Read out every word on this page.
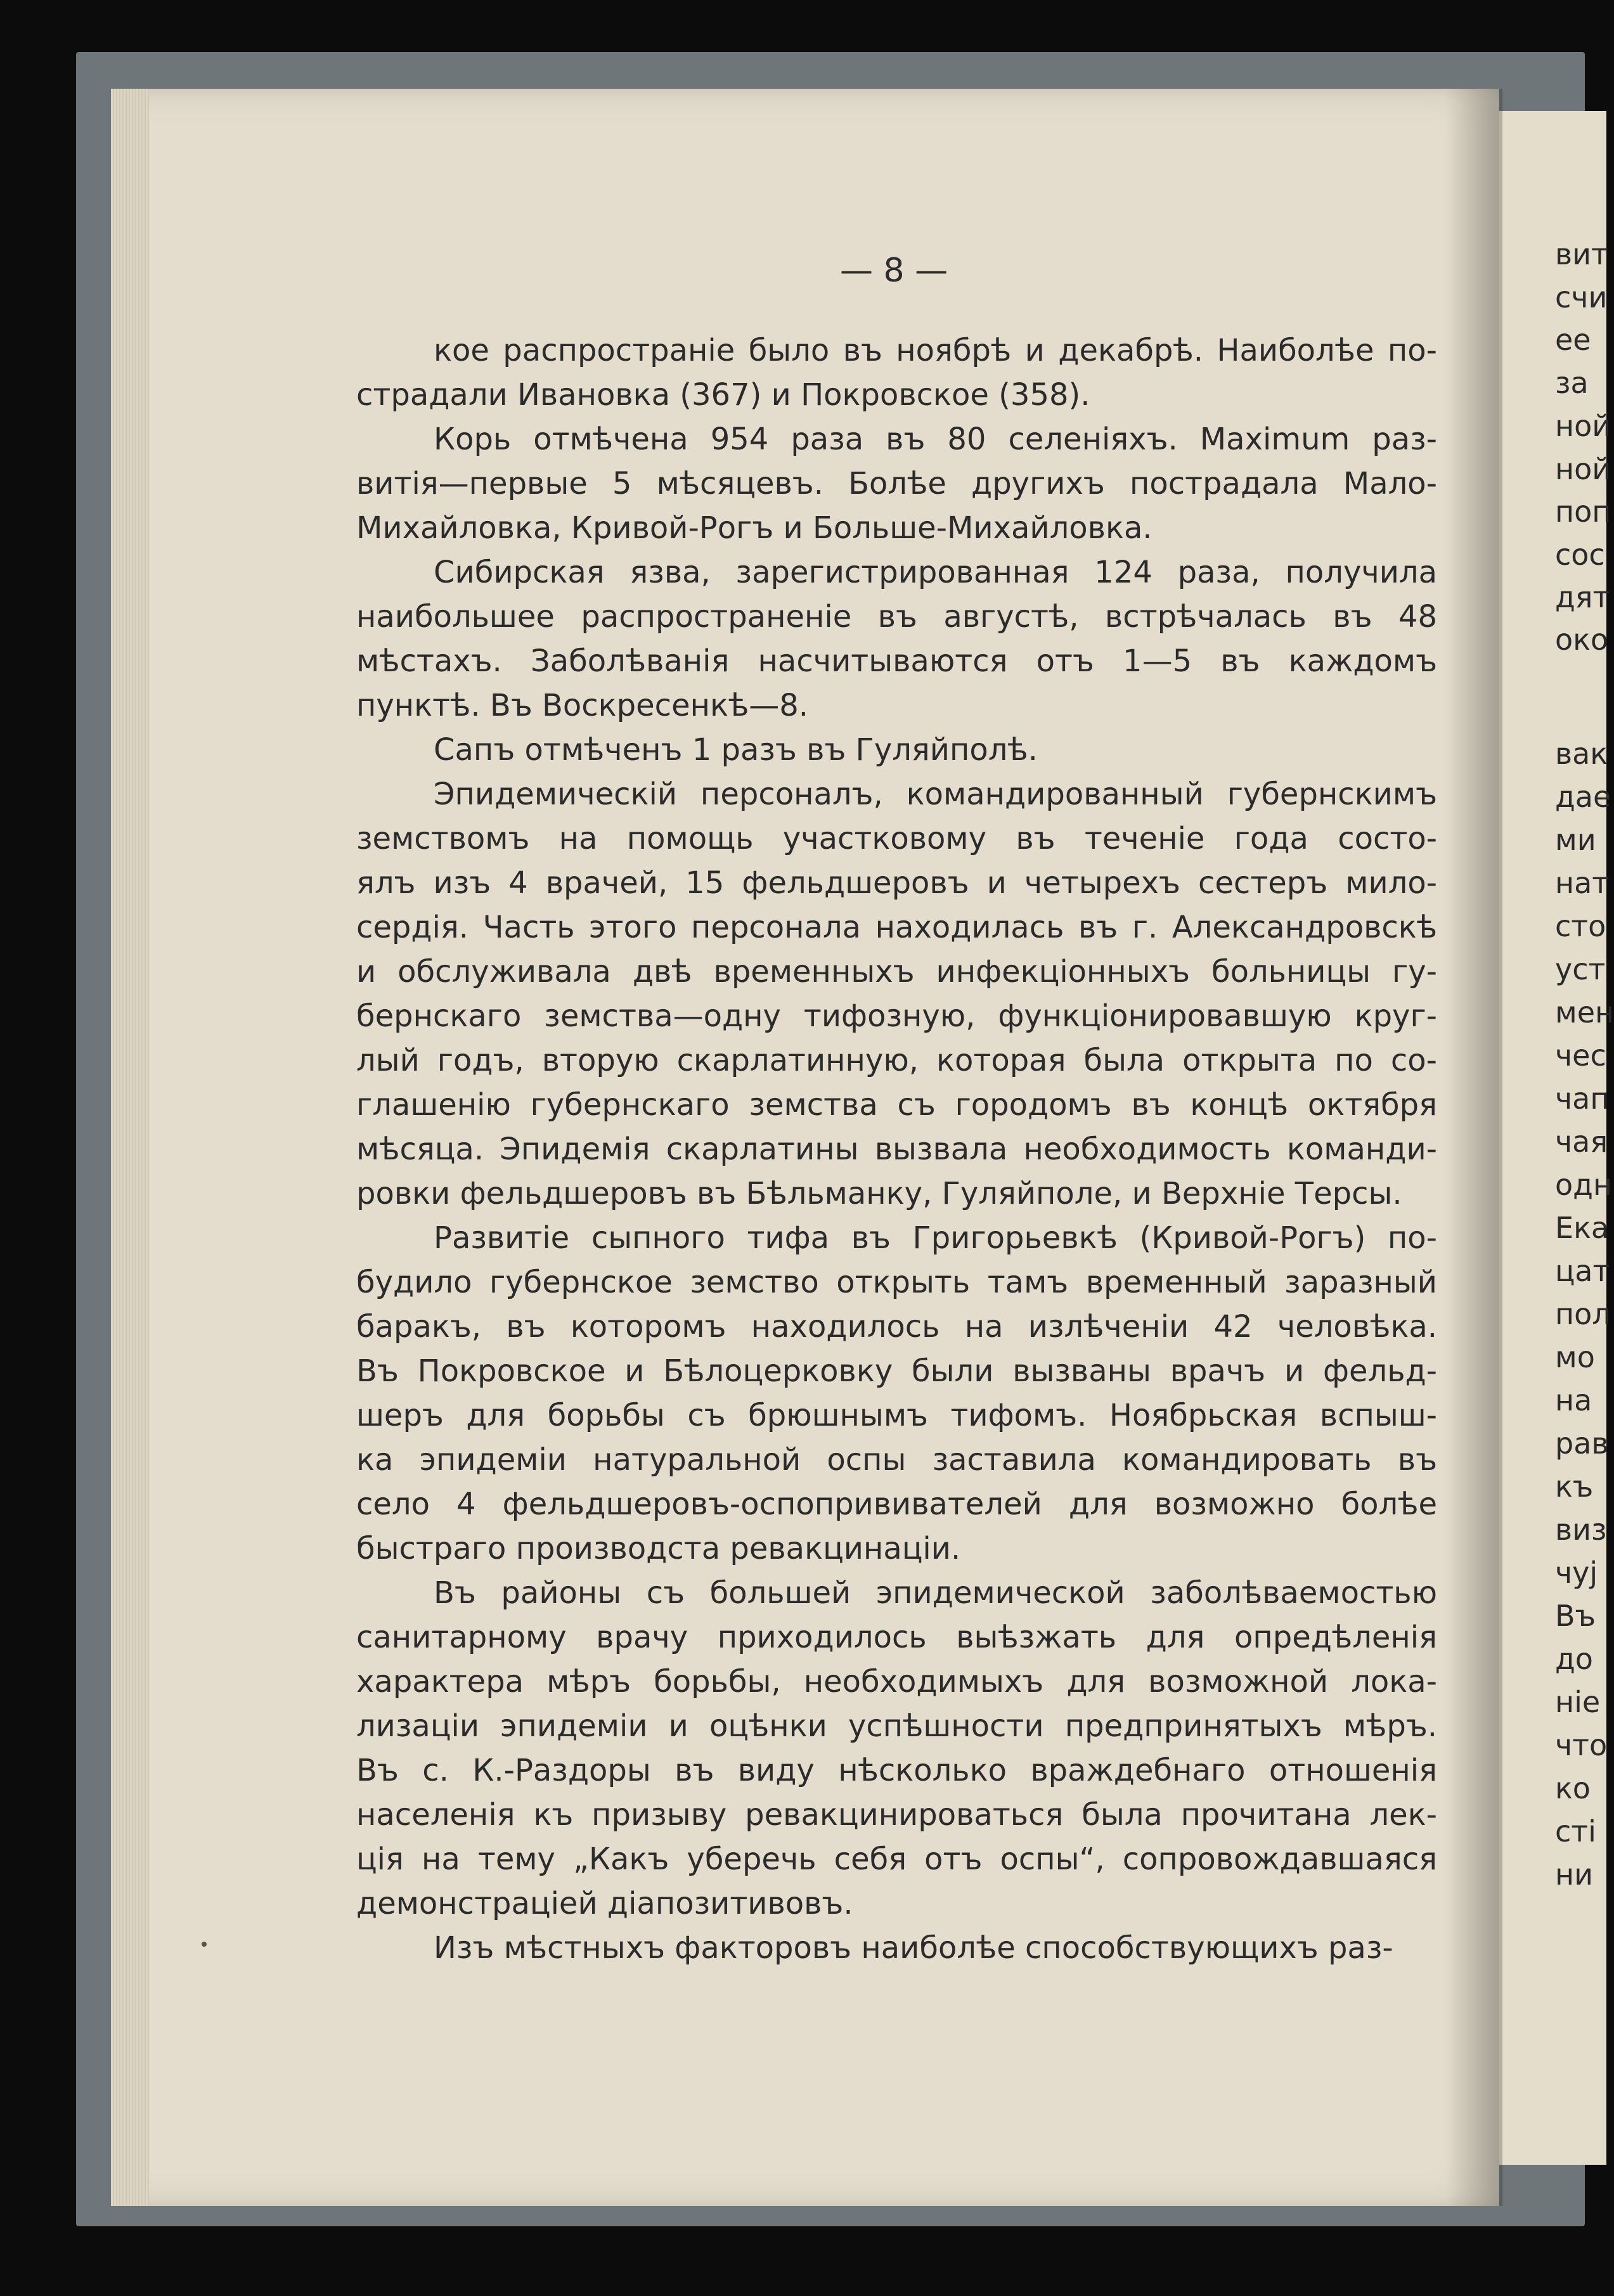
вит

счи

ее

за

ной

ной

поп

сос

дят

око

вак

дае

ми

нат

сто

уст

мен

чес

чап

чая

одн

Ека

цат

пол

мо

на

рав

къ

виз

чуј

Въ

до

ніе

что

ко

сті

ни

— 8 —

кое распространіе было въ ноябрѣ и декабрѣ. Наиболѣе по-
страдали Ивановка (367) и Покровское (358).
Корь отмѣчена 954 раза въ 80 селеніяхъ. Maximum раз-
витія—первые 5 мѣсяцевъ. Болѣе другихъ пострадала Мало-
Михайловка, Кривой-Рогъ и Больше-Михайловка.
Сибирская язва, зарегистрированная 124 раза, получила
наибольшее распространеніе въ августѣ, встрѣчалась въ 48
мѣстахъ. Заболѣванія насчитываются отъ 1—5 въ каждомъ
пунктѣ. Въ Воскресенкѣ—8.
Сапъ отмѣченъ 1 разъ въ Гуляйполѣ.
Эпидемическій персоналъ, командированный губернскимъ
земствомъ на помощь участковому въ теченіе года состо-
ялъ изъ 4 врачей, 15 фельдшеровъ и четырехъ сестеръ мило-
сердія. Часть этого персонала находилась въ г. Александровскѣ
и обслуживала двѣ временныхъ инфекціонныхъ больницы гу-
бернскаго земства—одну тифозную, функціонировавшую круг-
лый годъ, вторую скарлатинную, которая была открыта по со-
глашенію губернскаго земства съ городомъ въ концѣ октября
мѣсяца. Эпидемія скарлатины вызвала необходимость команди-
ровки фельдшеровъ въ Бѣльманку, Гуляйполе, и Верхніе Терсы.
Развитіе сыпного тифа въ Григорьевкѣ (Кривой-Рогъ) по-
будило губернское земство открыть тамъ временный заразный
баракъ, въ которомъ находилось на излѣченіи 42 человѣка.
Въ Покровское и Бѣлоцерковку были вызваны врачъ и фельд-
шеръ для борьбы съ брюшнымъ тифомъ. Ноябрьская вспыш-
ка эпидеміи натуральной оспы заставила командировать въ
село 4 фельдшеровъ-оспопрививателей для возможно болѣе
быстраго производста ревакцинаціи.
Въ районы съ большей эпидемической заболѣваемостью
санитарному врачу приходилось выѣзжать для опредѣленія
характера мѣръ борьбы, необходимыхъ для возможной лока-
лизаціи эпидеміи и оцѣнки успѣшности предпринятыхъ мѣръ.
Въ с. К.-Раздоры въ виду нѣсколько враждебнаго отношенія
населенія къ призыву ревакцинироваться была прочитана лек-
ція на тему „Какъ уберечь себя отъ оспы“, сопровождавшаяся
демонстраціей діапозитивовъ.
Изъ мѣстныхъ факторовъ наиболѣе способствующихъ раз-
